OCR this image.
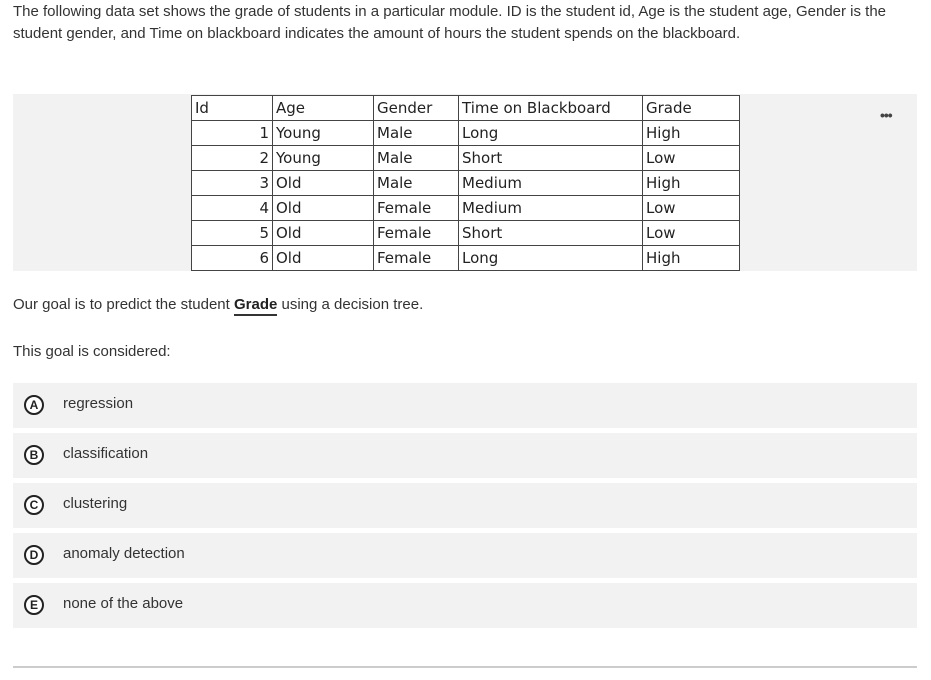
The following data set shows the grade of students in a particular module. ID is the student id, Age is the student age, Gender is the student gender, and Time on blackboard indicates the amount of hours the student spends on the blackboard.
•••
Id	Age	Gender	Time on Blackboard	Grade
1	Young	Male	Long	High
2	Young	Male	Short	Low
3	Old	Male	Medium	High
4	Old	Female	Medium	Low
5	Old	Female	Short	Low
6	Old	Female	Long	High
Our goal is to predict the student Grade using a decision tree.
This goal is considered:
A	regression
B	classification
C	clustering
D	anomaly detection
E	none of the above
